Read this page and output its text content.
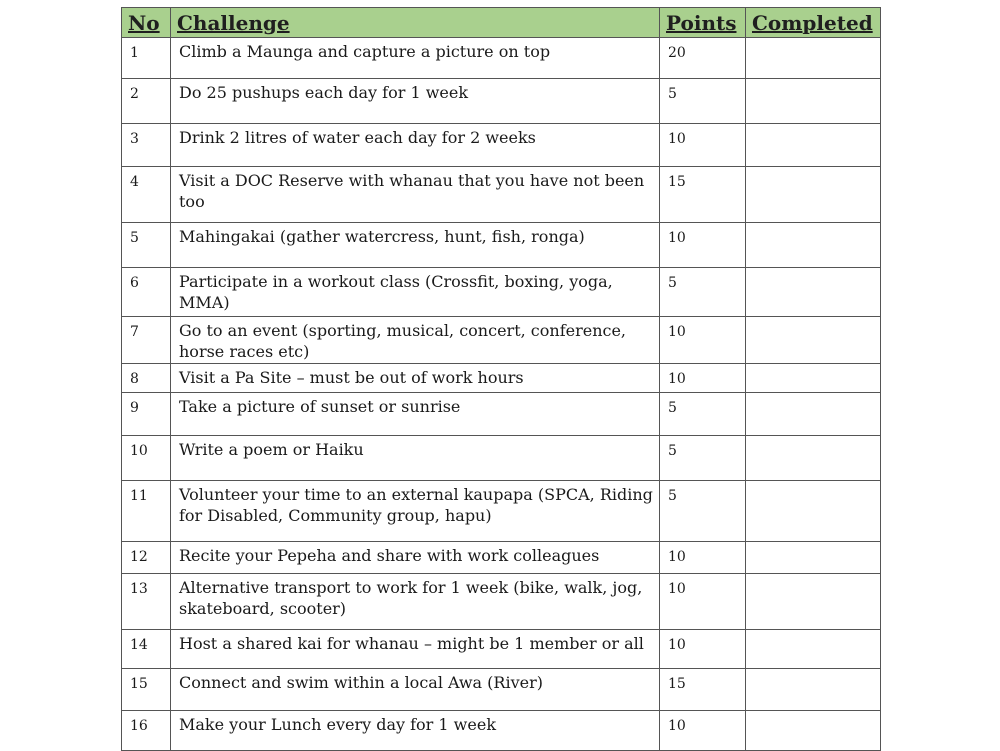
No	Challenge	Points	Completed
1	Climb a Maunga and capture a picture on top	20	
2	Do 25 pushups each day for 1 week	5	
3	Drink 2 litres of water each day for 2 weeks	10	
4	Visit a DOC Reserve with whanau that you have not been too	15	
5	Mahingakai (gather watercress, hunt, fish, ronga)	10	
6	Participate in a workout class (Crossfit, boxing, yoga, MMA)	5	
7	Go to an event (sporting, musical, concert, conference, horse races etc)	10	
8	Visit a Pa Site – must be out of work hours	10	
9	Take a picture of sunset or sunrise	5	
10	Write a poem or Haiku	5	
11	Volunteer your time to an external kaupapa (SPCA, Riding for Disabled, Community group, hapu)	5	
12	Recite your Pepeha and share with work colleagues	10	
13	Alternative transport to work for 1 week (bike, walk, jog, skateboard, scooter)	10	
14	Host a shared kai for whanau – might be 1 member or all	10	
15	Connect and swim within a local Awa (River)	15	
16	Make your Lunch every day for 1 week	10	
